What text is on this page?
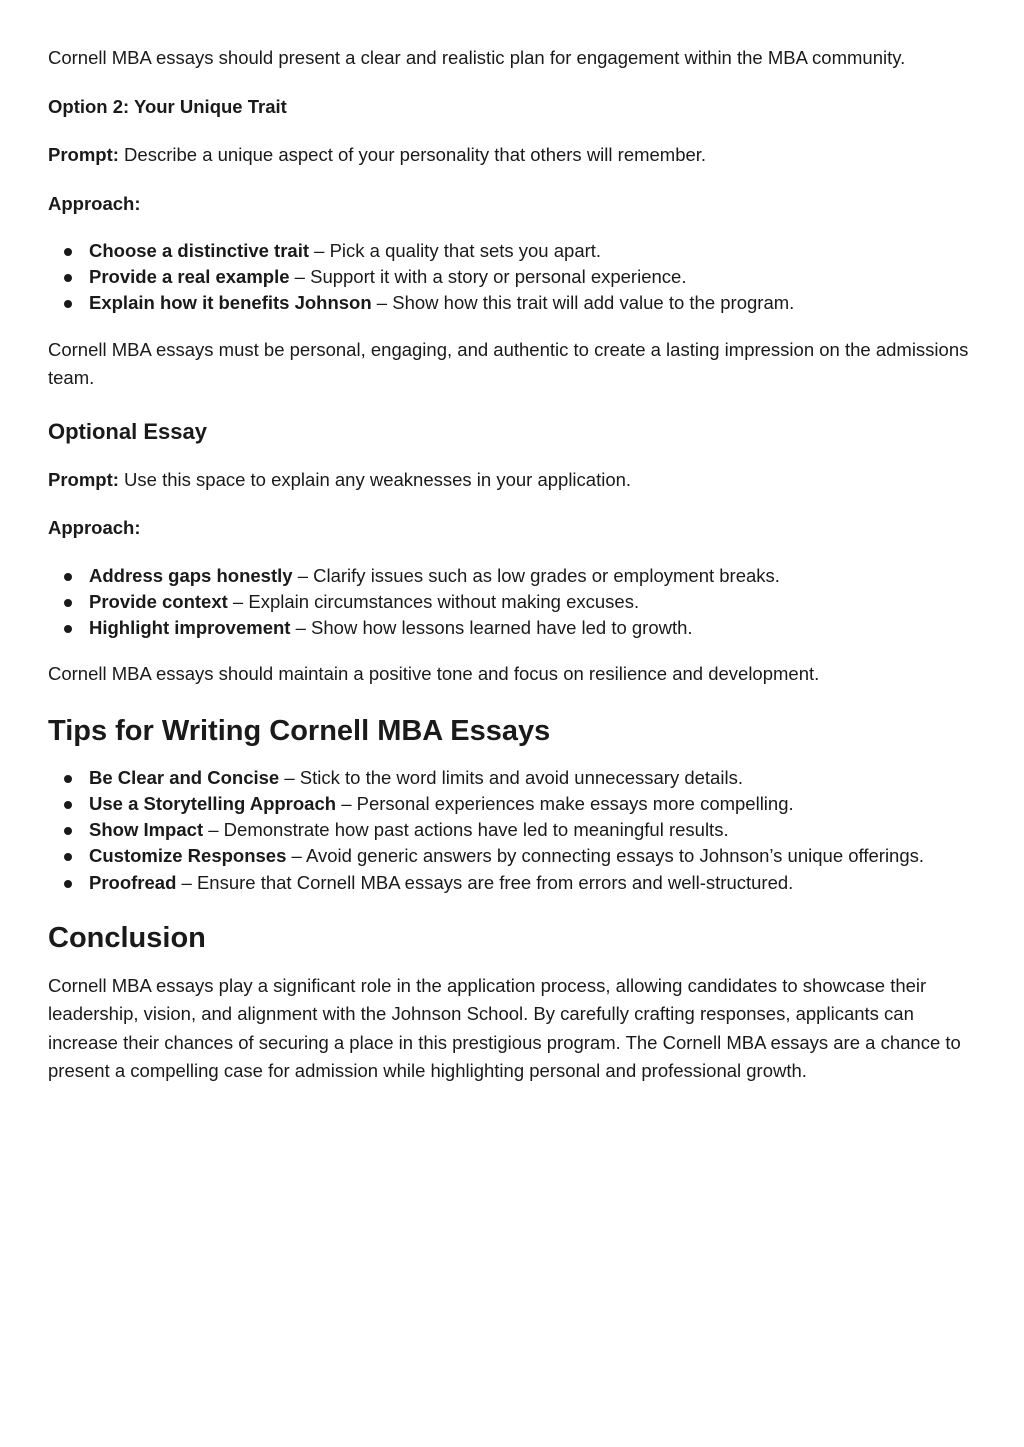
Cornell MBA essays should present a clear and realistic plan for engagement within the MBA community.

Option 2: Your Unique Trait

Prompt: Describe a unique aspect of your personality that others will remember.

Approach:

Choose a distinctive trait – Pick a quality that sets you apart.
Provide a real example – Support it with a story or personal experience.
Explain how it benefits Johnson – Show how this trait will add value to the program.

Cornell MBA essays must be personal, engaging, and authentic to create a lasting impression on the admissions team.

Optional Essay

Prompt: Use this space to explain any weaknesses in your application.

Approach:

Address gaps honestly – Clarify issues such as low grades or employment breaks.
Provide context – Explain circumstances without making excuses.
Highlight improvement – Show how lessons learned have led to growth.

Cornell MBA essays should maintain a positive tone and focus on resilience and development.

Tips for Writing Cornell MBA Essays
Be Clear and Concise – Stick to the word limits and avoid unnecessary details.
Use a Storytelling Approach – Personal experiences make essays more compelling.
Show Impact – Demonstrate how past actions have led to meaningful results.
Customize Responses – Avoid generic answers by connecting essays to Johnson’s unique offerings.
Proofread – Ensure that Cornell MBA essays are free from errors and well-structured.
Conclusion

Cornell MBA essays play a significant role in the application process, allowing candidates to showcase their leadership, vision, and alignment with the Johnson School. By carefully crafting responses, applicants can increase their chances of securing a place in this prestigious program. The Cornell MBA essays are a chance to present a compelling case for admission while highlighting personal and professional growth.
